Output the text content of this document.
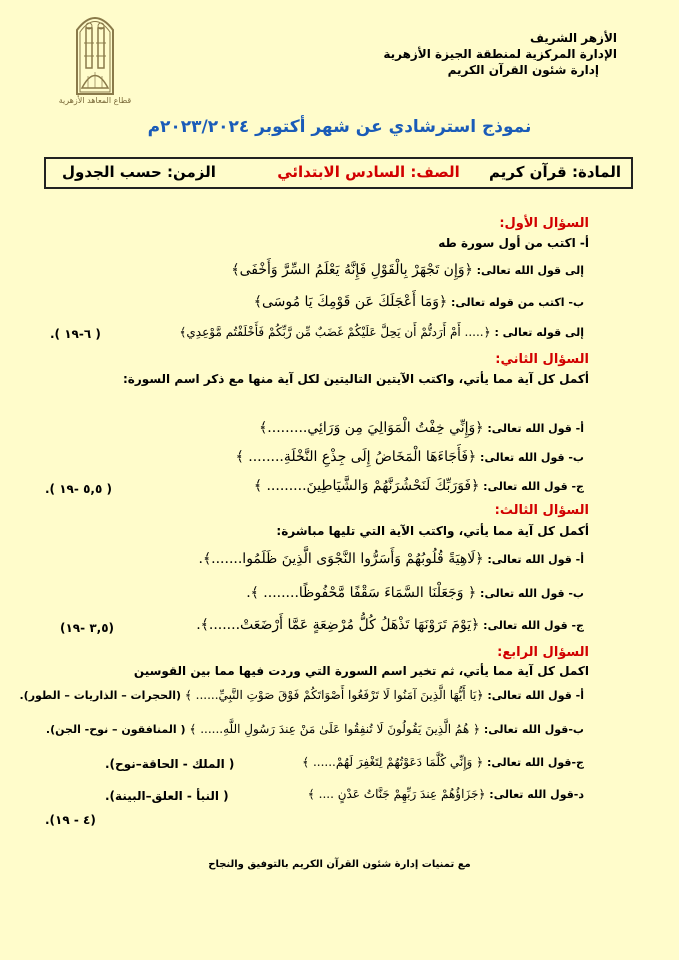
قطاع المعاهد الأزهرية
الأزهر الشريف
الإدارة المركزية لمنطقة الجيزة الأزهرية
إدارة شئون القرآن الكريم
نموذج استرشادي عن شهر أكتوبر ٢٠٢٣/٢٠٢٤م
المادة: قرآن كريم
الصف: السادس الابتدائي
الزمن: حسب الجدول
السؤال الأول:
أ- اكتب من أول سورة طه
إلى قول الله تعالى: ﴿وَإِن تَجْهَرْ بِالْقَوْلِ فَإِنَّهُ يَعْلَمُ السِّرَّ وَأَخْفَى﴾
ب- اكتب من قوله تعالى: ﴿وَمَا أَعْجَلَكَ عَن قَوْمِكَ يَا مُوسَى﴾
إلى قوله تعالى : ﴿..... أَمْ أَرَدتُّمْ أَن يَحِلَّ عَلَيْكُمْ غَضَبٌ مِّن رَّبِّكُمْ فَأَخْلَفْتُم مَّوْعِدِي﴾
( ٦-١٩ ).
السؤال الثاني:
أكمل كل آية مما يأتي، واكتب الآيتين التاليتين لكل آية منها مع ذكر اسم السورة:
أ- قول الله تعالى: ﴿وَإِنِّي خِفْتُ الْمَوَالِيَ مِن وَرَائِي.........﴾
ب- قول الله تعالى: ﴿فَأَجَاءَهَا الْمَخَاضُ إِلَى جِذْعِ النَّخْلَةِ........ ﴾
ج- قول الله تعالى: ﴿فَوَرَبِّكَ لَنَحْشُرَنَّهُمْ وَالشَّيَاطِينَ......... ﴾
( ٥,٥ -١٩ ).
السؤال الثالث:
أكمل كل آية مما يأتي، واكتب الآية التي تليها مباشرة:
أ- قول الله تعالى: ﴿لَاهِيَةً قُلُوبُهُمْ وَأَسَرُّوا النَّجْوَى الَّذِينَ ظَلَمُوا.......﴾.
ب- قول الله تعالى: ﴿ وَجَعَلْنَا السَّمَاءَ سَقْفًا مَّحْفُوظًا........ ﴾.
ج- قول الله تعالى: ﴿يَوْمَ تَرَوْنَهَا تَذْهَلُ كُلُّ مُرْضِعَةٍ عَمَّا أَرْضَعَتْ.......﴾.
(٣,٥ -١٩)
السؤال الرابع:
اكمل كل آية مما يأتي، ثم تخير اسم السورة التي وردت فيها مما بين القوسين
أ- قول الله تعالى: ﴿يَا أَيُّهَا الَّذِينَ آمَنُوا لَا تَرْفَعُوا أَصْوَاتَكُمْ فَوْقَ صَوْتِ النَّبِيِّ...... ﴾ (الحجرات – الذاريات – الطور).
ب-قول الله تعالى: ﴿ هُمُ الَّذِينَ يَقُولُونَ لَا تُنفِقُوا عَلَىٰ مَنْ عِندَ رَسُولِ اللَّهِ...... ﴾ ( المنافقون – نوح- الجن).
ج-قول الله تعالى: ﴿ وَإِنِّي كُلَّمَا دَعَوْتُهُمْ لِتَغْفِرَ لَهُمْ...... ﴾
( الملك - الحاقة–نوح).
د-قول الله تعالى: ﴿جَزَاؤُهُمْ عِندَ رَبِّهِمْ جَنَّاتُ عَدْنٍ .... ﴾
( النبأ - العلق–البينة).
(٤ - ١٩).
مع تمنيات إدارة شئون القرآن الكريم بالتوفيق والنجاح
